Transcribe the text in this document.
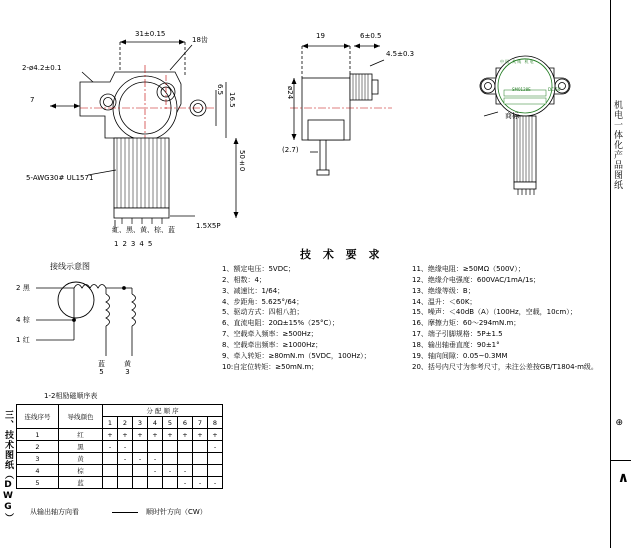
三、技术图纸（DWG）
机电一体化产品图纸
⊕
∧
31±0.15
18齿
2-ø4.2±0.1
7
6.5
16.5
50±0
5-AWG30# UL1571
红、黑、黄、棕、蓝	1.5X5P
12345
19	6±0.5
4.5±0.3
ø24
(2.7)
商标
SM0128E	DC 5V
中国 兆威 机电
接线示意图
2 黑
4 棕
1 红
蓝
5
黄
3
1-2相励磁顺序表
技 术 要 求
1、额定电压：5VDC；
2、相数：4；
3、减速比：1/64；
4、步距角：5.625°/64；
5、驱动方式：四相八拍；
6、直流电阻：20Ω±15%（25°C）；
7、空载牵入频率：≥500Hz；
8、空载牵出频率：≥1000Hz；
9、牵入转矩：≥80mN.m（5VDC，100Hz）；
10:自定位转矩：≥50mN.m；
11、绝缘电阻：≥50MΩ（500V）；
12、绝缘介电强度：600VAC/1mA/1s；
13、绝缘等级：B；
14、温升：＜60K；
15、噪声：＜40dB（A）（100Hz，空载，10cm）；
16、摩擦力矩：60～294mN.m；
17、端子引脚规格：5P±1.5
18、输出轴垂直度：90±1°
19、轴向间隙：0.05~0.3MM
20、括号内尺寸为参考尺寸，未注公差按GB/T1804-m级。
连线序号	导线颜色	分 配 顺 序							
		1	2	3	4	5	6	7	8
1	红	+	+	+	+	+	+	+	+
2	黑	-	-						-
3	黄		-	-	-				
4	棕				-	-	-		
5	蓝						-	-	-
从输出轴方向看	顺时针方向（CW）
